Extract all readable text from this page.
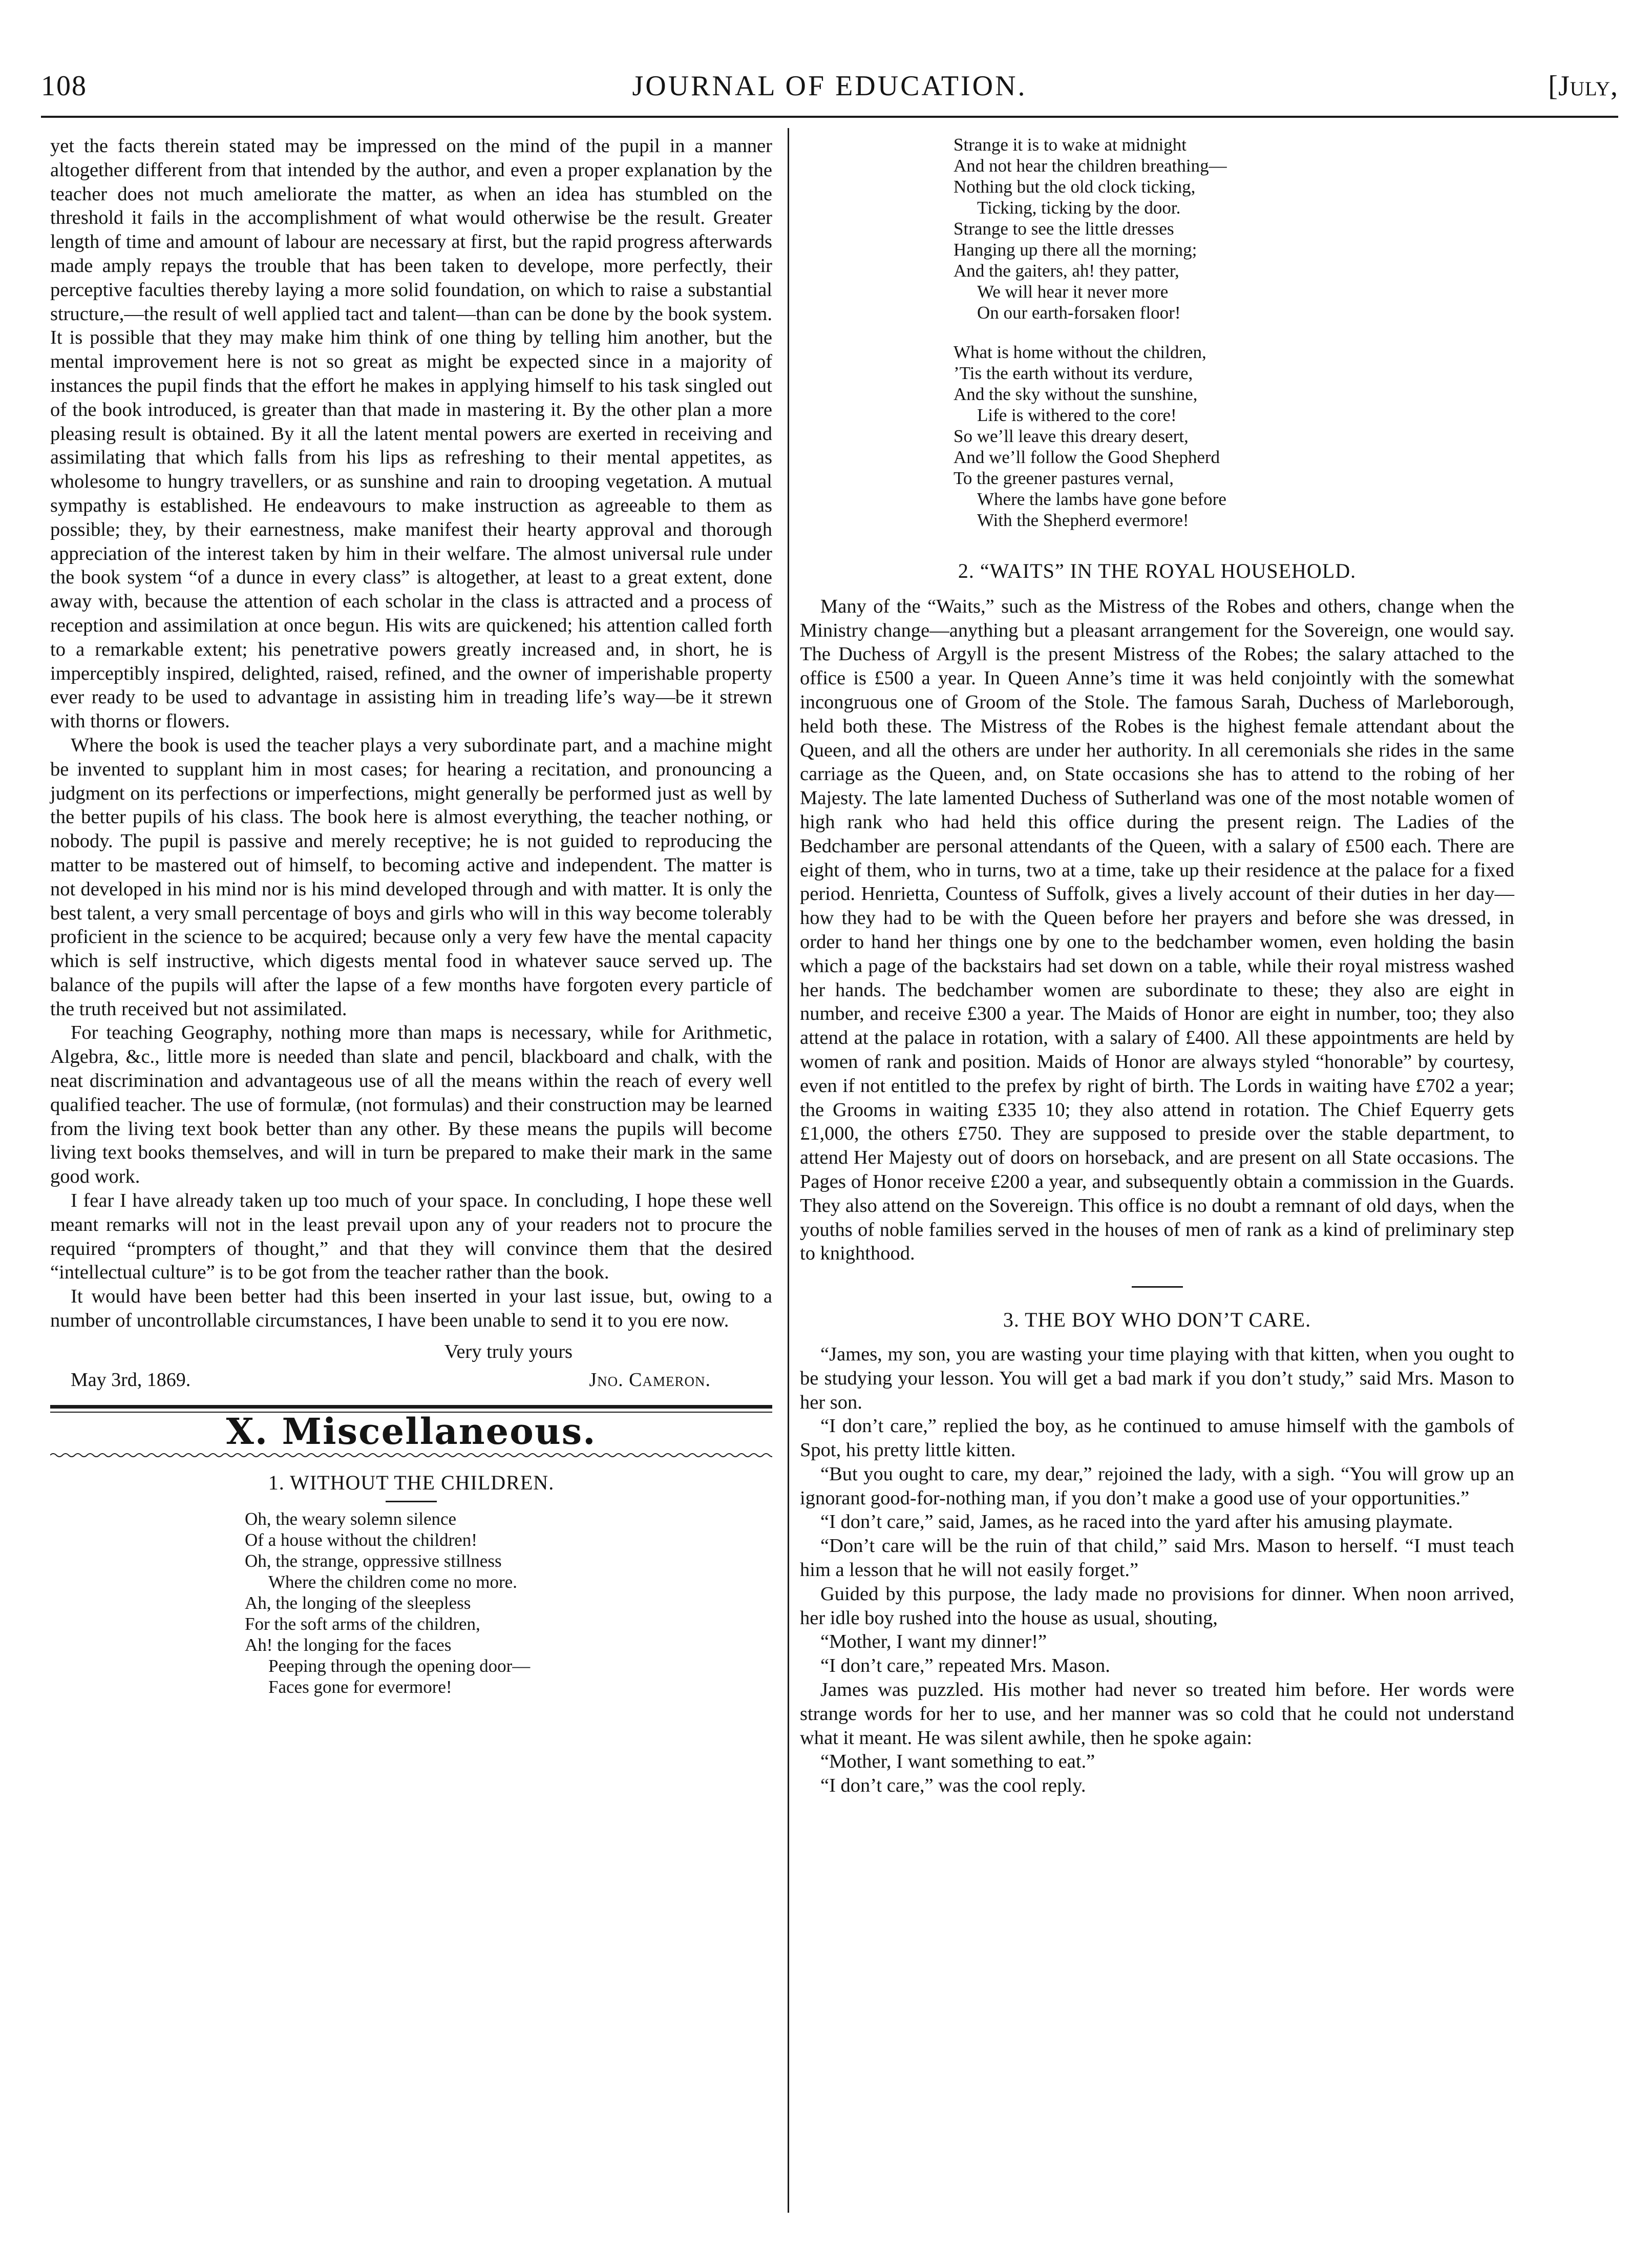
108	JOURNAL OF EDUCATION.	[July,

yet the facts therein stated may be impressed on the mind of the pupil in a manner altogether different from that intended by the author, and even a proper explanation by the teacher does not much ameliorate the matter, as when an idea has stumbled on the threshold it fails in the accomplishment of what would otherwise be the result. Greater length of time and amount of labour are necessary at first, but the rapid progress afterwards made amply repays the trouble that has been taken to develope, more perfectly, their perceptive faculties thereby laying a more solid foundation, on which to raise a substantial structure,—the result of well applied tact and talent—than can be done by the book system. It is possible that they may make him think of one thing by telling him another, but the mental improvement here is not so great as might be expected since in a majority of instances the pupil finds that the effort he makes in applying himself to his task singled out of the book introduced, is greater than that made in mastering it. By the other plan a more pleasing result is obtained. By it all the latent mental powers are exerted in receiving and assimilating that which falls from his lips as refreshing to their mental appetites, as wholesome to hungry travellers, or as sunshine and rain to drooping vegetation. A mutual sympathy is established. He endeavours to make instruction as agreeable to them as possible; they, by their earnestness, make manifest their hearty approval and thorough appreciation of the interest taken by him in their welfare. The almost universal rule under the book system “of a dunce in every class” is altogether, at least to a great extent, done away with, because the attention of each scholar in the class is attracted and a process of reception and assimilation at once begun. His wits are quickened; his attention called forth to a remarkable extent; his penetrative powers greatly increased and, in short, he is imperceptibly inspired, delighted, raised, refined, and the owner of imperishable property ever ready to be used to advantage in assisting him in treading life’s way—be it strewn with thorns or flowers.

Where the book is used the teacher plays a very subordinate part, and a machine might be invented to supplant him in most cases; for hearing a recitation, and pronouncing a judgment on its perfections or imperfections, might generally be performed just as well by the better pupils of his class. The book here is almost everything, the teacher nothing, or nobody. The pupil is passive and merely receptive; he is not guided to reproducing the matter to be mastered out of himself, to becoming active and independent. The matter is not developed in his mind nor is his mind developed through and with matter. It is only the best talent, a very small percentage of boys and girls who will in this way become tolerably proficient in the science to be acquired; because only a very few have the mental capacity which is self instructive, which digests mental food in whatever sauce served up. The balance of the pupils will after the lapse of a few months have forgoten every particle of the truth received but not assimilated.

For teaching Geography, nothing more than maps is necessary, while for Arithmetic, Algebra, &c., little more is needed than slate and pencil, blackboard and chalk, with the neat discrimination and advantageous use of all the means within the reach of every well qualified teacher. The use of formulæ, (not formulas) and their construction may be learned from the living text book better than any other. By these means the pupils will become living text books themselves, and will in turn be prepared to make their mark in the same good work.

I fear I have already taken up too much of your space. In concluding, I hope these well meant remarks will not in the least prevail upon any of your readers not to procure the required “prompters of thought,” and that they will convince them that the desired “intellectual culture” is to be got from the teacher rather than the book.

It would have been better had this been inserted in your last issue, but, owing to a number of uncontrollable circumstances, I have been unable to send it to you ere now.

Very truly yours

May 3rd, 1869.	Jno. Cameron.
X. Miscellaneous.

1. WITHOUT THE CHILDREN.

Oh, the weary solemn silence
Of a house without the children!
Oh, the strange, oppressive stillness
Where the children come no more.
Ah, the longing of the sleepless
For the soft arms of the children,
Ah! the longing for the faces
Peeping through the opening door—
Faces gone for evermore!
Strange it is to wake at midnight
And not hear the children breathing—
Nothing but the old clock ticking,
Ticking, ticking by the door.
Strange to see the little dresses
Hanging up there all the morning;
And the gaiters, ah! they patter,
We will hear it never more
On our earth-forsaken floor!
What is home without the children,
’Tis the earth without its verdure,
And the sky without the sunshine,
Life is withered to the core!
So we’ll leave this dreary desert,
And we’ll follow the Good Shepherd
To the greener pastures vernal,
Where the lambs have gone before
With the Shepherd evermore!

2. “WAITS” IN THE ROYAL HOUSEHOLD.

Many of the “Waits,” such as the Mistress of the Robes and others, change when the Ministry change—anything but a pleasant arrangement for the Sovereign, one would say. The Duchess of Argyll is the present Mistress of the Robes; the salary attached to the office is £500 a year. In Queen Anne’s time it was held conjointly with the somewhat incongruous one of Groom of the Stole. The famous Sarah, Duchess of Marleborough, held both these. The Mistress of the Robes is the highest female attendant about the Queen, and all the others are under her authority. In all ceremonials she rides in the same carriage as the Queen, and, on State occasions she has to attend to the robing of her Majesty. The late lamented Duchess of Sutherland was one of the most notable women of high rank who had held this office during the present reign. The Ladies of the Bedchamber are personal attendants of the Queen, with a salary of £500 each. There are eight of them, who in turns, two at a time, take up their residence at the palace for a fixed period. Henrietta, Countess of Suffolk, gives a lively account of their duties in her day—how they had to be with the Queen before her prayers and before she was dressed, in order to hand her things one by one to the bedchamber women, even holding the basin which a page of the backstairs had set down on a table, while their royal mistress washed her hands. The bedchamber women are subordinate to these; they also are eight in number, and receive £300 a year. The Maids of Honor are eight in number, too; they also attend at the palace in rotation, with a salary of £400. All these appointments are held by women of rank and position. Maids of Honor are always styled “honorable” by courtesy, even if not entitled to the prefex by right of birth. The Lords in waiting have £702 a year; the Grooms in waiting £335 10; they also attend in rotation. The Chief Equerry gets £1,000, the others £750. They are supposed to preside over the stable department, to attend Her Majesty out of doors on horseback, and are present on all State occasions. The Pages of Honor receive £200 a year, and subsequently obtain a commission in the Guards. They also attend on the Sovereign. This office is no doubt a remnant of old days, when the youths of noble families served in the houses of men of rank as a kind of preliminary step to knighthood.

3. THE BOY WHO DON’T CARE.

“James, my son, you are wasting your time playing with that kitten, when you ought to be studying your lesson. You will get a bad mark if you don’t study,” said Mrs. Mason to her son.

“I don’t care,” replied the boy, as he continued to amuse himself with the gambols of Spot, his pretty little kitten.

“But you ought to care, my dear,” rejoined the lady, with a sigh. “You will grow up an ignorant good-for-nothing man, if you don’t make a good use of your opportunities.”

“I don’t care,” said, James, as he raced into the yard after his amusing playmate.

“Don’t care will be the ruin of that child,” said Mrs. Mason to herself. “I must teach him a lesson that he will not easily forget.”

Guided by this purpose, the lady made no provisions for dinner. When noon arrived, her idle boy rushed into the house as usual, shouting,

“Mother, I want my dinner!”

“I don’t care,” repeated Mrs. Mason.

James was puzzled. His mother had never so treated him before. Her words were strange words for her to use, and her manner was so cold that he could not understand what it meant. He was silent awhile, then he spoke again:

“Mother, I want something to eat.”

“I don’t care,” was the cool reply.
